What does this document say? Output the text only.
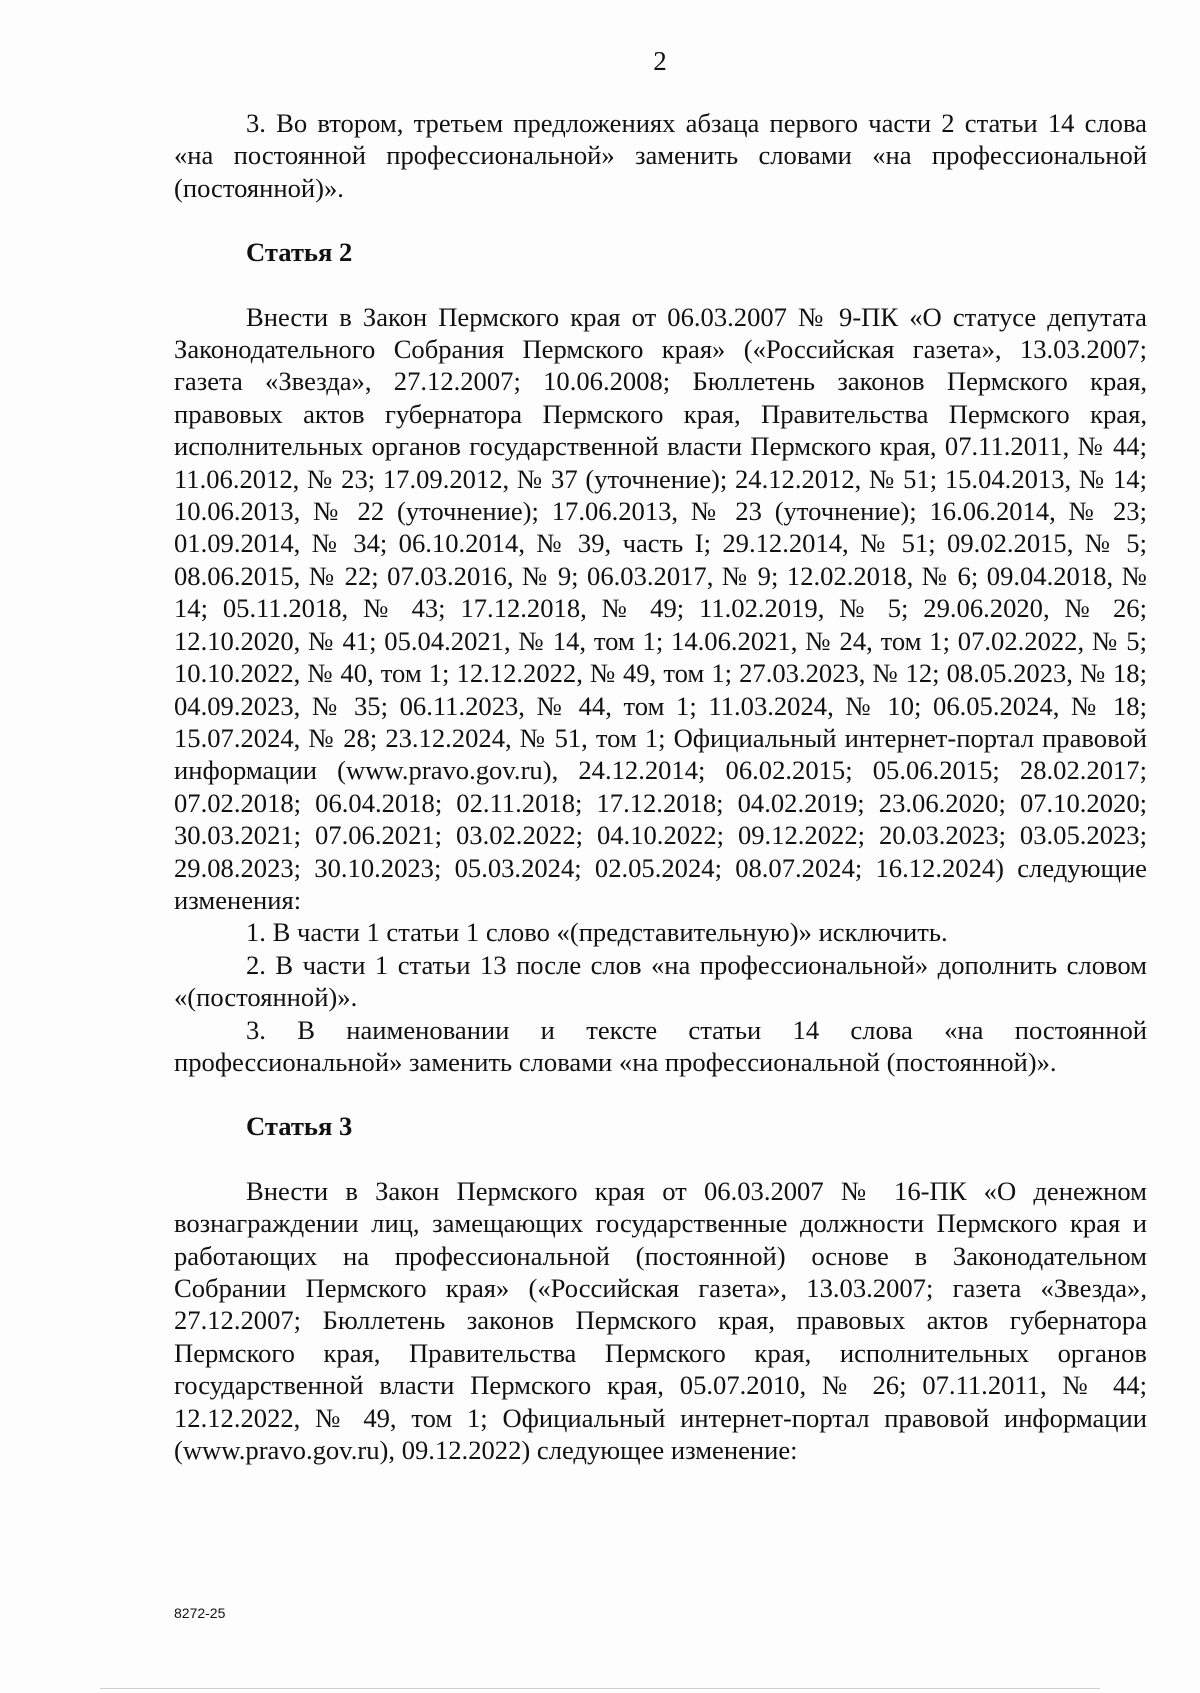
2

3. Во втором, третьем предложениях абзаца первого части 2 статьи 14 слова «на постоянной профессиональной» заменить словами «на профессиональной (постоянной)».

Статья 2

Внести в Закон Пермского края от 06.03.2007 № 9-ПК «О статусе депутата Законодательного Собрания Пермского края» («Российская газета», 13.03.2007; газета «Звезда», 27.12.2007; 10.06.2008; Бюллетень законов Пермского края, правовых актов губернатора Пермского края, Правительства Пермского края, исполнительных органов государственной власти Пермского края, 07.11.2011, № 44; 11.06.2012, № 23; 17.09.2012, № 37 (уточнение); 24.12.2012, № 51; 15.04.2013, № 14; 10.06.2013, № 22 (уточнение); 17.06.2013, № 23 (уточнение); 16.06.2014, № 23; 01.09.2014, № 34; 06.10.2014, № 39, часть I; 29.12.2014, № 51; 09.02.2015, № 5; 08.06.2015, № 22; 07.03.2016, № 9; 06.03.2017, № 9; 12.02.2018, № 6; 09.04.2018, № 14; 05.11.2018, № 43; 17.12.2018, № 49; 11.02.2019, № 5; 29.06.2020, № 26; 12.10.2020, № 41; 05.04.2021, № 14, том 1; 14.06.2021, № 24, том 1; 07.02.2022, № 5; 10.10.2022, № 40, том 1; 12.12.2022, № 49, том 1; 27.03.2023, № 12; 08.05.2023, № 18; 04.09.2023, № 35; 06.11.2023, № 44, том 1; 11.03.2024, № 10; 06.05.2024, № 18; 15.07.2024, № 28; 23.12.2024, № 51, том 1; Официальный интернет-портал правовой информации (www.pravo.gov.ru), 24.12.2014; 06.02.2015; 05.06.2015; 28.02.2017; 07.02.2018; 06.04.2018; 02.11.2018; 17.12.2018; 04.02.2019; 23.06.2020; 07.10.2020; 30.03.2021; 07.06.2021; 03.02.2022; 04.10.2022; 09.12.2022; 20.03.2023; 03.05.2023; 29.08.2023; 30.10.2023; 05.03.2024; 02.05.2024; 08.07.2024; 16.12.2024) следующие изменения:

1. В части 1 статьи 1 слово «(представительную)» исключить.

2. В части 1 статьи 13 после слов «на профессиональной» дополнить словом «(постоянной)».

3. В наименовании и тексте статьи 14 слова «на постоянной профессиональной» заменить словами «на профессиональной (постоянной)».

Статья 3

Внести в Закон Пермского края от 06.03.2007 № 16-ПК «О денежном вознаграждении лиц, замещающих государственные должности Пермского края и работающих на профессиональной (постоянной) основе в Законодательном Собрании Пермского края» («Российская газета», 13.03.2007; газета «Звезда», 27.12.2007; Бюллетень законов Пермского края, правовых актов губернатора Пермского края, Правительства Пермского края, исполнительных органов государственной власти Пермского края, 05.07.2010, № 26; 07.11.2011, № 44; 12.12.2022, № 49, том 1; Официальный интернет-портал правовой информации (www.pravo.gov.ru), 09.12.2022) следующее изменение:

8272-25
